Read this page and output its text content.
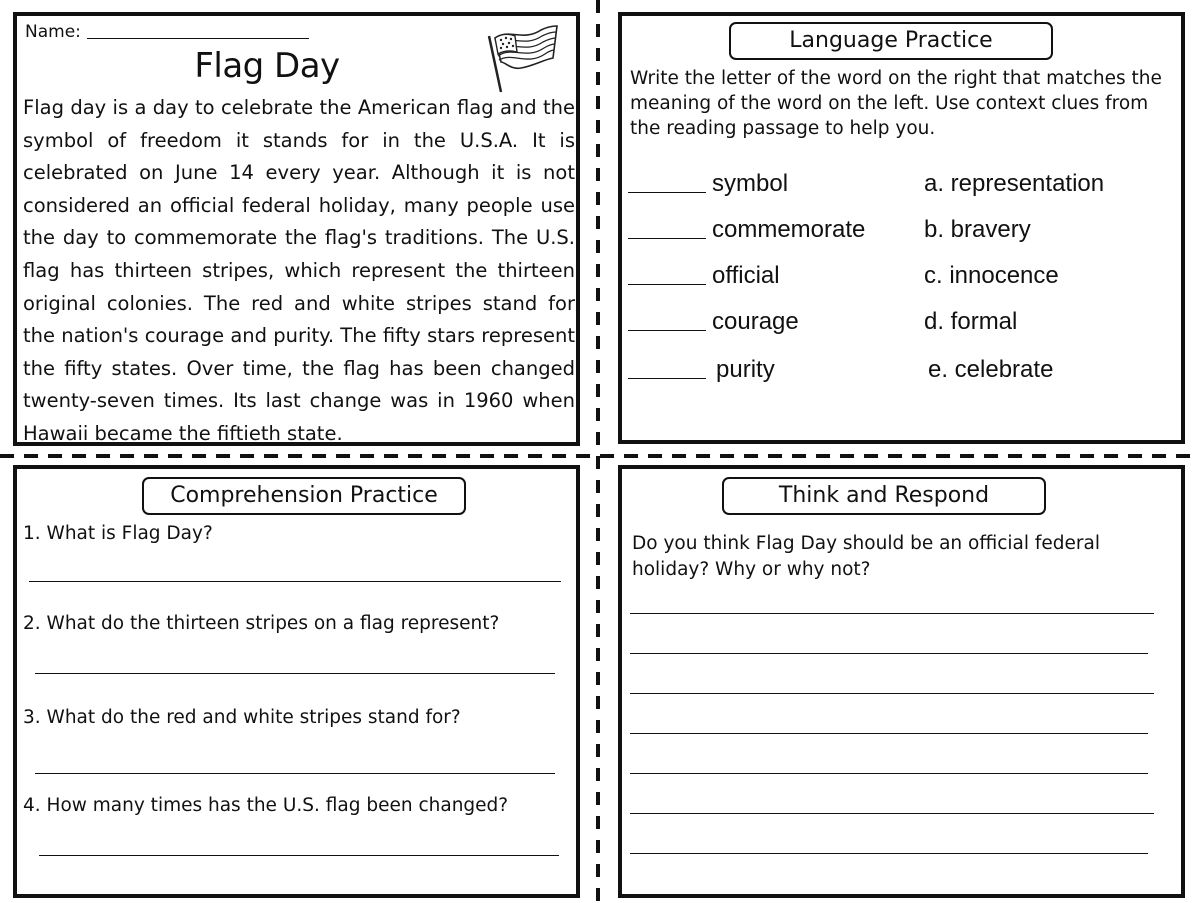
Name:
Flag Day
Flag day is a day to celebrate the American flag and the symbol of freedom it stands for in the U.S.A. It is celebrated on June 14 every year. Although it is not considered an official federal holiday, many people use the day to commemorate the flag's traditions. The U.S. flag has thirteen stripes, which represent the thirteen original colonies. The red and white stripes stand for the nation's courage and purity. The fifty stars represent the fifty states. Over time, the flag has been changed twenty-seven times. Its last change was in 1960 when Hawaii became the fiftieth state.
Language Practice
Write the letter of the word on the right that matches the meaning of the word on the left. Use context clues from the reading passage to help you.
symbol	a. representation
commemorate b. bravery
official	c. innocence
courage	d. formal
purity	e. celebrate
Comprehension Practice
1. What is Flag Day?
2. What do the thirteen stripes on a flag represent?
3. What do the red and white stripes stand for?
4. How many times has the U.S. flag been changed?
Think and Respond
Do you think Flag Day should be an official federal holiday? Why or why not?
